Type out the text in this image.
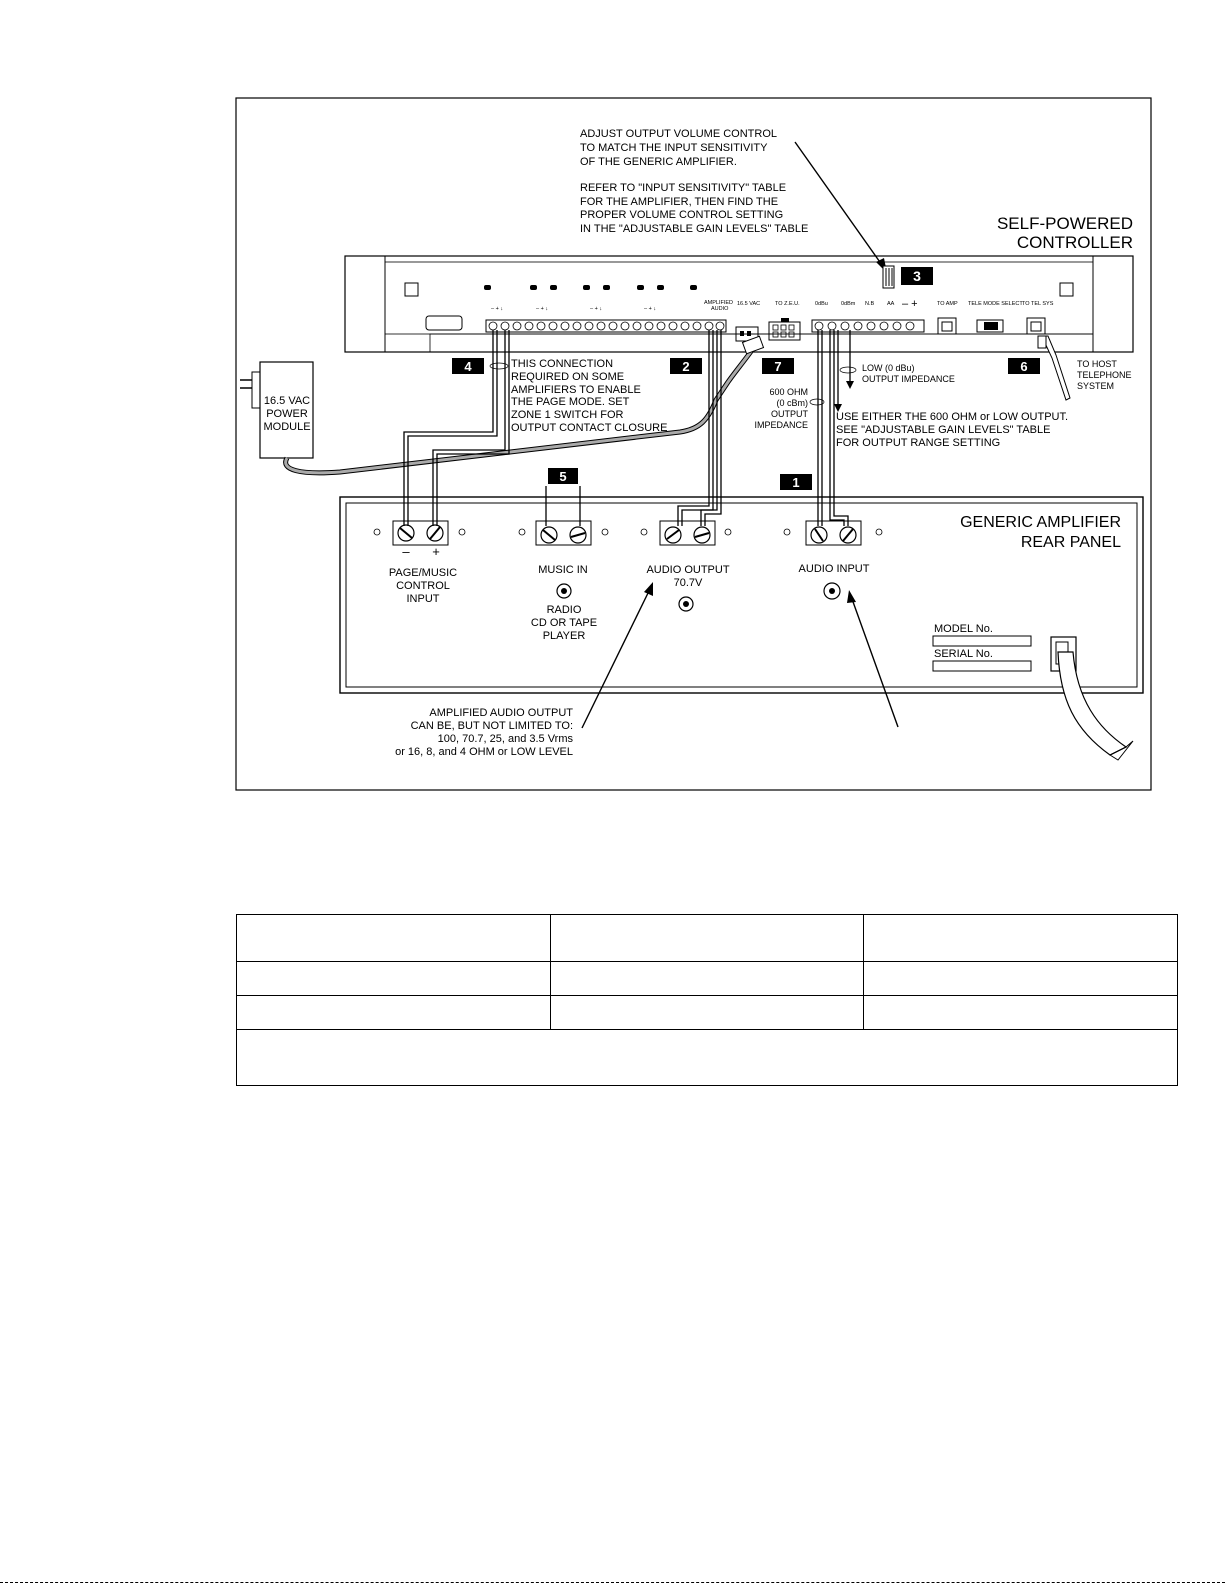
ADJUST OUTPUT VOLUME CONTROL
TO MATCH THE INPUT SENSITIVITY
OF THE GENERIC AMPLIFIER.
REFER TO "INPUT SENSITIVITY" TABLE
FOR THE AMPLIFIER, THEN FIND THE
PROPER VOLUME CONTROL SETTING
IN THE "ADJUSTABLE GAIN LEVELS" TABLE	SELF-POWERED
CONTROLLER
– + ↓	– + ↓	– + ↓	– + ↓
AMPLIFIED
AUDIO
16.5 VAC	TO Z.E.U.	0dBu 0dBm N.B AA	TO AMP TELE MODE SELECT TO TEL SYS
– +
3
4	2	7	6
5	1
THIS CONNECTION
REQUIRED ON SOME
AMPLIFIERS TO ENABLE
THE PAGE MODE. SET
ZONE 1 SWITCH FOR
OUTPUT CONTACT CLOSURE
LOW (0 dBu)
OUTPUT IMPEDANCE
600 OHM
(0 cBm)
OUTPUT
IMPEDANCE
USE EITHER THE 600 OHM or LOW OUTPUT.
SEE "ADJUSTABLE GAIN LEVELS" TABLE
FOR OUTPUT RANGE SETTING
TO HOST
TELEPHONE
SYSTEM
16.5 VAC
POWER
MODULE
GENERIC AMPLIFIER
REAR PANEL
– +
PAGE/MUSIC
CONTROL
INPUT
MUSIC IN
RADIO
CD OR TAPE
PLAYER
AUDIO OUTPUT
70.7V
AUDIO INPUT
MODEL No.
SERIAL No.
AMPLIFIED AUDIO OUTPUT
CAN BE, BUT NOT LIMITED TO:
100, 70.7, 25, and 3.5 Vrms
or 16, 8, and 4 OHM or LOW LEVEL
